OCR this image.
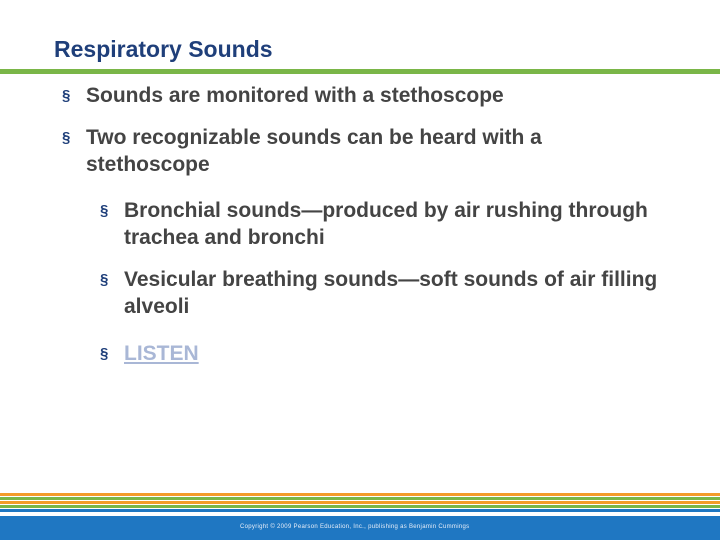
Respiratory Sounds
§ Sounds are monitored with a stethoscope
§ Two recognizable sounds can be heard with a stethoscope
§ Bronchial sounds—produced by air rushing through trachea and bronchi
§ Vesicular breathing sounds—soft sounds of air filling alveoli
§ LISTEN
Copyright © 2009 Pearson Education, Inc., publishing as Benjamin Cummings
